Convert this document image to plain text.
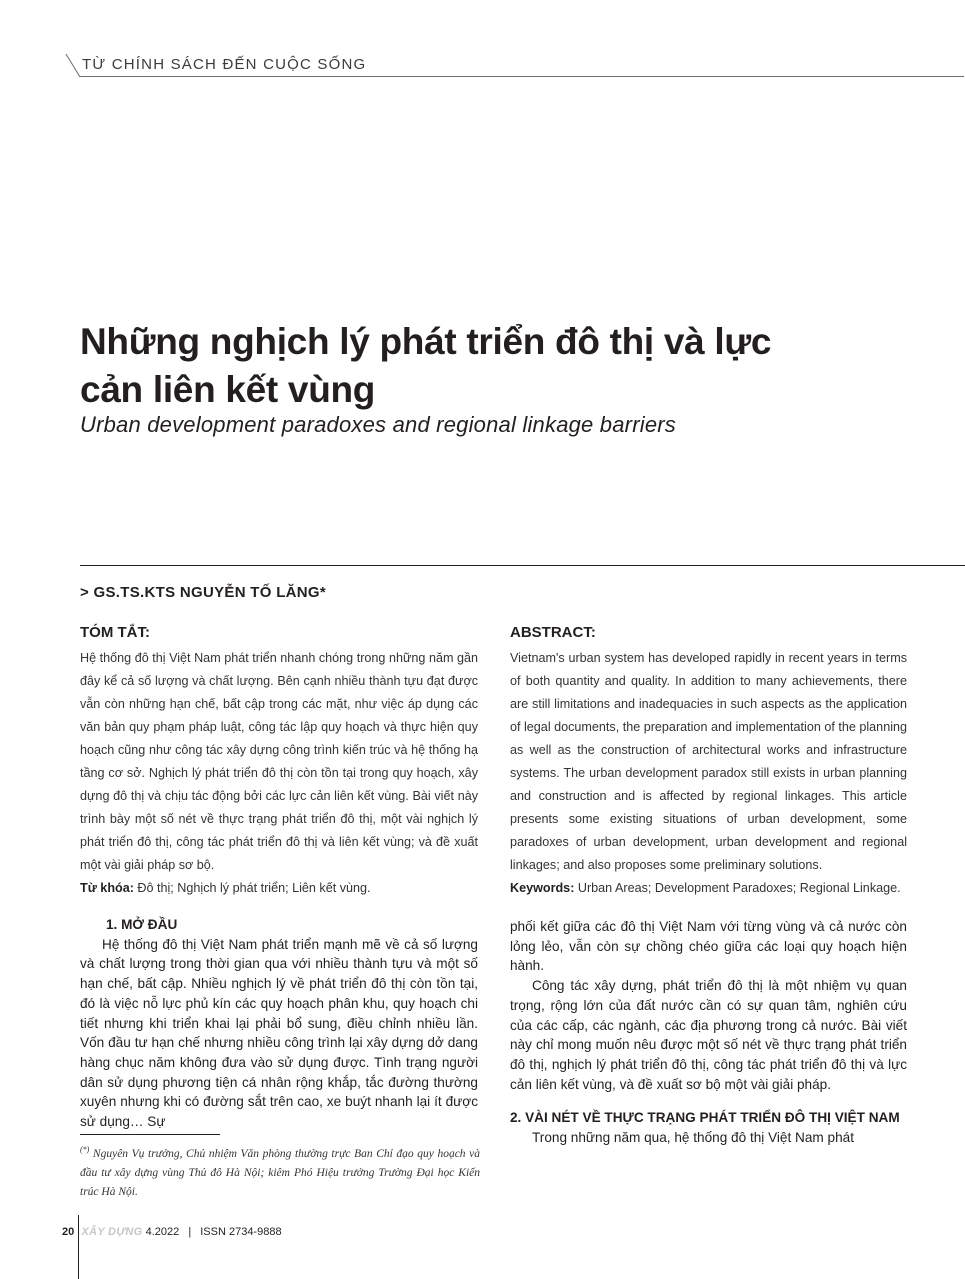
TỪ CHÍNH SÁCH ĐẾN CUỘC SỐNG
Những nghịch lý phát triển đô thị và lực cản liên kết vùng
Urban development paradoxes and regional linkage barriers
> GS.TS.KTS NGUYỄN TỐ LĂNG*
TÓM TẮT:

Hệ thống đô thị Việt Nam phát triển nhanh chóng trong những năm gần đây kể cả số lượng và chất lượng. Bên cạnh nhiều thành tựu đạt được vẫn còn những hạn chế, bất cập trong các mặt, như việc áp dụng các văn bản quy phạm pháp luật, công tác lập quy hoạch và thực hiện quy hoạch cũng như công tác xây dựng công trình kiến trúc và hệ thống hạ tầng cơ sở. Nghịch lý phát triển đô thị còn tồn tại trong quy hoạch, xây dựng đô thị và chịu tác động bởi các lực cản liên kết vùng. Bài viết này trình bày một số nét về thực trạng phát triển đô thị, một vài nghịch lý phát triển đô thị, công tác phát triển đô thị và liên kết vùng; và đề xuất một vài giải pháp sơ bộ.

Từ khóa: Đô thị; Nghịch lý phát triển; Liên kết vùng.

ABSTRACT:

Vietnam's urban system has developed rapidly in recent years in terms of both quantity and quality. In addition to many achievements, there are still limitations and inadequacies in such aspects as the application of legal documents, the preparation and implementation of the planning as well as the construction of architectural works and infrastructure systems. The urban development paradox still exists in urban planning and construction and is affected by regional linkages. This article presents some existing situations of urban development, some paradoxes of urban development, urban development and regional linkages; and also proposes some preliminary solutions.

Keywords: Urban Areas; Development Paradoxes; Regional Linkage.

1. MỞ ĐẦU

Hệ thống đô thị Việt Nam phát triển mạnh mẽ về cả số lượng và chất lượng trong thời gian qua với nhiều thành tựu và một số hạn chế, bất cập. Nhiều nghịch lý về phát triển đô thị còn tồn tại, đó là việc nỗ lực phủ kín các quy hoạch phân khu, quy hoạch chi tiết nhưng khi triển khai lại phải bổ sung, điều chỉnh nhiều lần. Vốn đầu tư hạn chế nhưng nhiều công trình lại xây dựng dở dang hàng chục năm không đưa vào sử dụng được. Tình trạng người dân sử dụng phương tiện cá nhân rộng khắp, tắc đường thường xuyên nhưng khi có đường sắt trên cao, xe buýt nhanh lại ít được sử dụng… Sự

phối kết giữa các đô thị Việt Nam với từng vùng và cả nước còn lỏng lẻo, vẫn còn sự chồng chéo giữa các loại quy hoạch hiện hành.

Công tác xây dựng, phát triển đô thị là một nhiệm vụ quan trọng, rộng lớn của đất nước cần có sự quan tâm, nghiên cứu của các cấp, các ngành, các địa phương trong cả nước. Bài viết này chỉ mong muốn nêu được một số nét về thực trạng phát triển đô thị, nghịch lý phát triển đô thị, công tác phát triển đô thị và lực cản liên kết vùng, và đề xuất sơ bộ một vài giải pháp.

2. VÀI NÉT VỀ THỰC TRẠNG PHÁT TRIỂN ĐÔ THỊ VIỆT NAM

Trong những năm qua, hệ thống đô thị Việt Nam phát

(*) Nguyên Vụ trưởng, Chủ nhiệm Văn phòng thường trực Ban Chỉ đạo quy hoạch và đầu tư xây dựng vùng Thủ đô Hà Nội; kiêm Phó Hiệu trưởng Trường Đại học Kiến trúc Hà Nội.
20 XÂY DỰNG 4.2022 | ISSN 2734-9888
